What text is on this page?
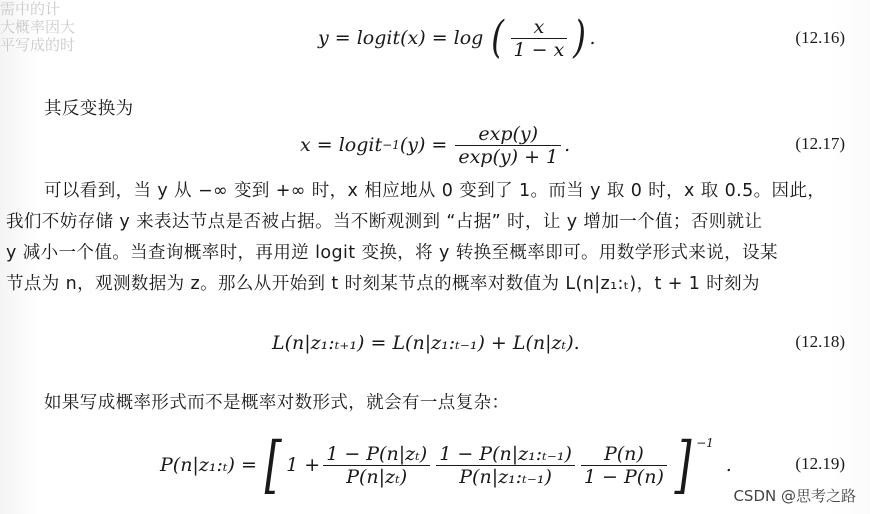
需中的计
大概率因大
平写成的时	y = logit(x) = log ( $\frac{x}{1 - x}$ ) .	(12.16)
其反变换为
x = logit −1 $(y) = \frac{\exp(y)}{\exp(y) + 1}$ .	(12.17)
可以看到，当 y 从 −∞ 变到 +∞ 时，x 相应地从 0 变到了 1。而当 y 取 0 时，x 取 0.5。因此，
我们不妨存储 y 来表达节点是否被占据。当不断观测到 “占据” 时，让 y 增加一个值；否则就让
y 减小一个值。当查询概率时，再用逆 logit 变换，将 y 转换至概率即可。用数学形式来说，设某
节点为 n，观测数据为 z。那么从开始到 t 时刻某节点的概率对数值为 L(n|z₁:ₜ)，t + 1 时刻为
L(n|z₁:ₜ₊₁) = L(n|z₁:ₜ₋₁) + L(n|zₜ).	(12.18)
如果写成概率形式而不是概率对数形式，就会有一点复杂：
P(n|z₁:ₜ) = [ $1 + \frac{\text{1 − P(n|zₜ)}}{\text{P(n|zₜ)}} \frac{\text{1 − P(n|z₁:ₜ₋₁)}}{\text{P(n|z₁:ₜ₋₁)}} \frac{P(n)}{1 - P(n)}$ ] $^{-1}$
.	(12.19)
CSDN @思考之路
